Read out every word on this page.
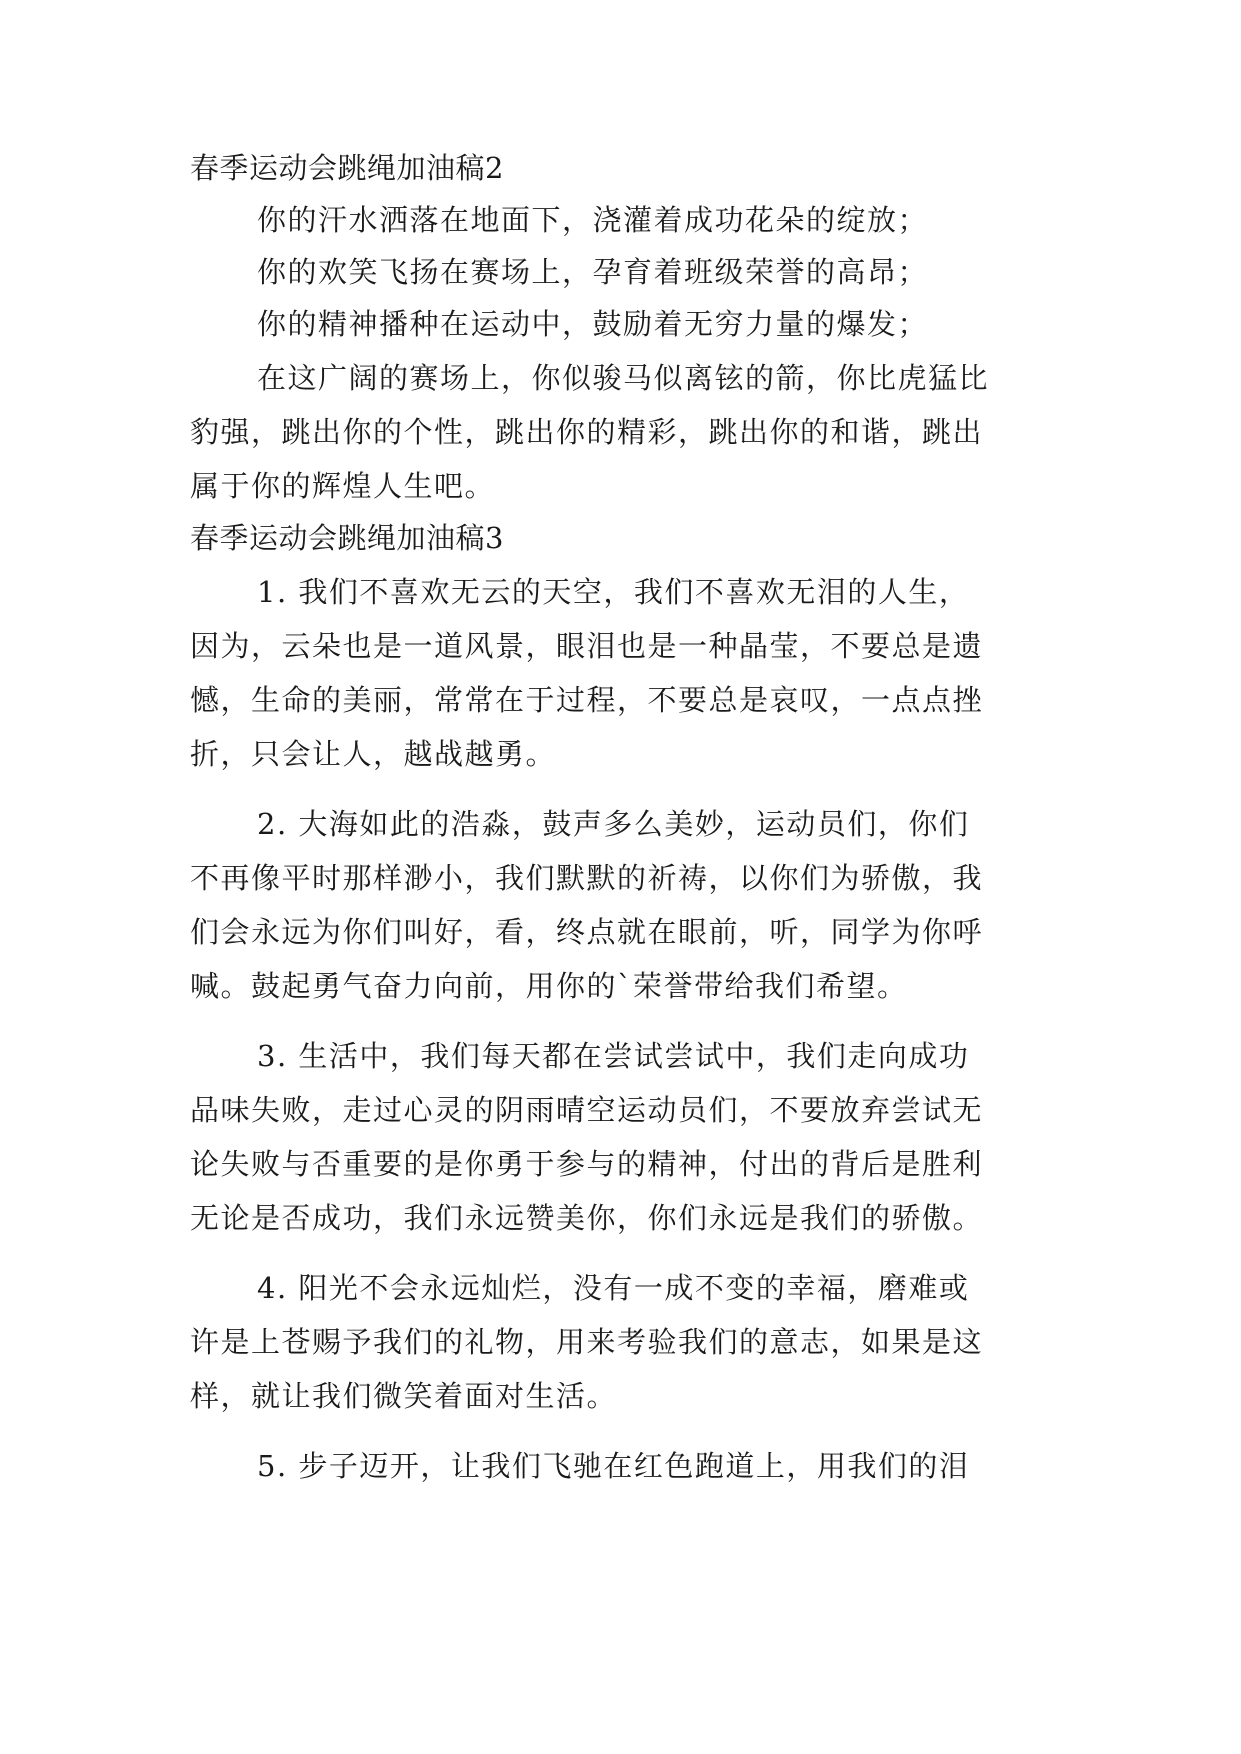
春季运动会跳绳加油稿2
你的汗水洒落在地面下，浇灌着成功花朵的绽放；
你的欢笑飞扬在赛场上，孕育着班级荣誉的高昂；
你的精神播种在运动中，鼓励着无穷力量的爆发；
在这广阔的赛场上，你似骏马似离铉的箭，你比虎猛比
豹强，跳出你的个性，跳出你的精彩，跳出你的和谐，跳出
属于你的辉煌人生吧。
春季运动会跳绳加油稿3
1. 我们不喜欢无云的天空，我们不喜欢无泪的人生，
因为，云朵也是一道风景，眼泪也是一种晶莹，不要总是遗
憾，生命的美丽，常常在于过程，不要总是哀叹，一点点挫
折，只会让人，越战越勇。
2. 大海如此的浩淼，鼓声多么美妙，运动员们，你们
不再像平时那样渺小，我们默默的祈祷，以你们为骄傲，我
们会永远为你们叫好，看，终点就在眼前，听，同学为你呼
喊。鼓起勇气奋力向前，用你的`荣誉带给我们希望。
3. 生活中，我们每天都在尝试尝试中，我们走向成功
品味失败，走过心灵的阴雨晴空运动员们，不要放弃尝试无
论失败与否重要的是你勇于参与的精神，付出的背后是胜利
无论是否成功，我们永远赞美你，你们永远是我们的骄傲。
4. 阳光不会永远灿烂，没有一成不变的幸福，磨难或
许是上苍赐予我们的礼物，用来考验我们的意志，如果是这
样，就让我们微笑着面对生活。
5. 步子迈开，让我们飞驰在红色跑道上，用我们的泪
